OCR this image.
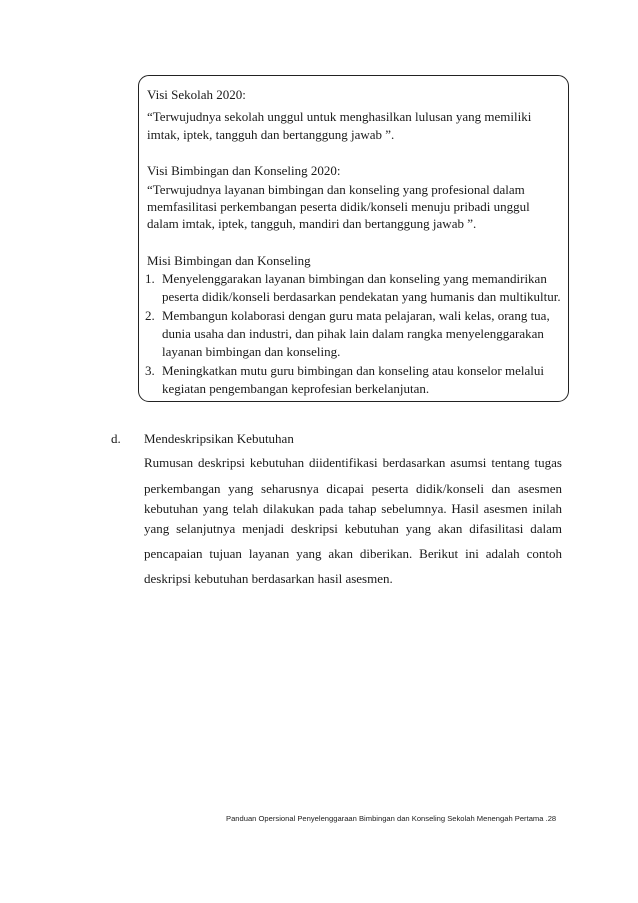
Visi Sekolah 2020:
“Terwujudnya sekolah unggul untuk menghasilkan lulusan yang memiliki
imtak, iptek, tangguh dan bertanggung jawab ”.
Visi Bimbingan dan Konseling 2020:
“Terwujudnya layanan bimbingan dan konseling yang profesional dalam
memfasilitasi perkembangan peserta didik/konseli menuju pribadi unggul
dalam imtak, iptek, tangguh, mandiri dan bertanggung jawab ”.
Misi Bimbingan dan Konseling
1. Menyelenggarakan layanan bimbingan dan konseling yang memandirikan
peserta didik/konseli berdasarkan pendekatan yang humanis dan multikultur.
2. Membangun kolaborasi dengan guru mata pelajaran, wali kelas, orang tua,
dunia usaha dan industri, dan pihak lain dalam rangka menyelenggarakan
layanan bimbingan dan konseling.
3. Meningkatkan mutu guru bimbingan dan konseling atau konselor melalui
kegiatan pengembangan keprofesian berkelanjutan.
d. Mendeskripsikan Kebutuhan
Rumusan deskripsi kebutuhan diidentifikasi berdasarkan asumsi tentang tugas
perkembangan yang seharusnya dicapai peserta didik/konseli dan asesmen
kebutuhan yang telah dilakukan pada tahap sebelumnya. Hasil asesmen inilah
yang selanjutnya menjadi deskripsi kebutuhan yang akan difasilitasi dalam
pencapaian tujuan layanan yang akan diberikan. Berikut ini adalah contoh
deskripsi kebutuhan berdasarkan hasil asesmen.
Panduan Opersional Penyelenggaraan Bimbingan dan Konseling Sekolah Menengah Pertama .28
